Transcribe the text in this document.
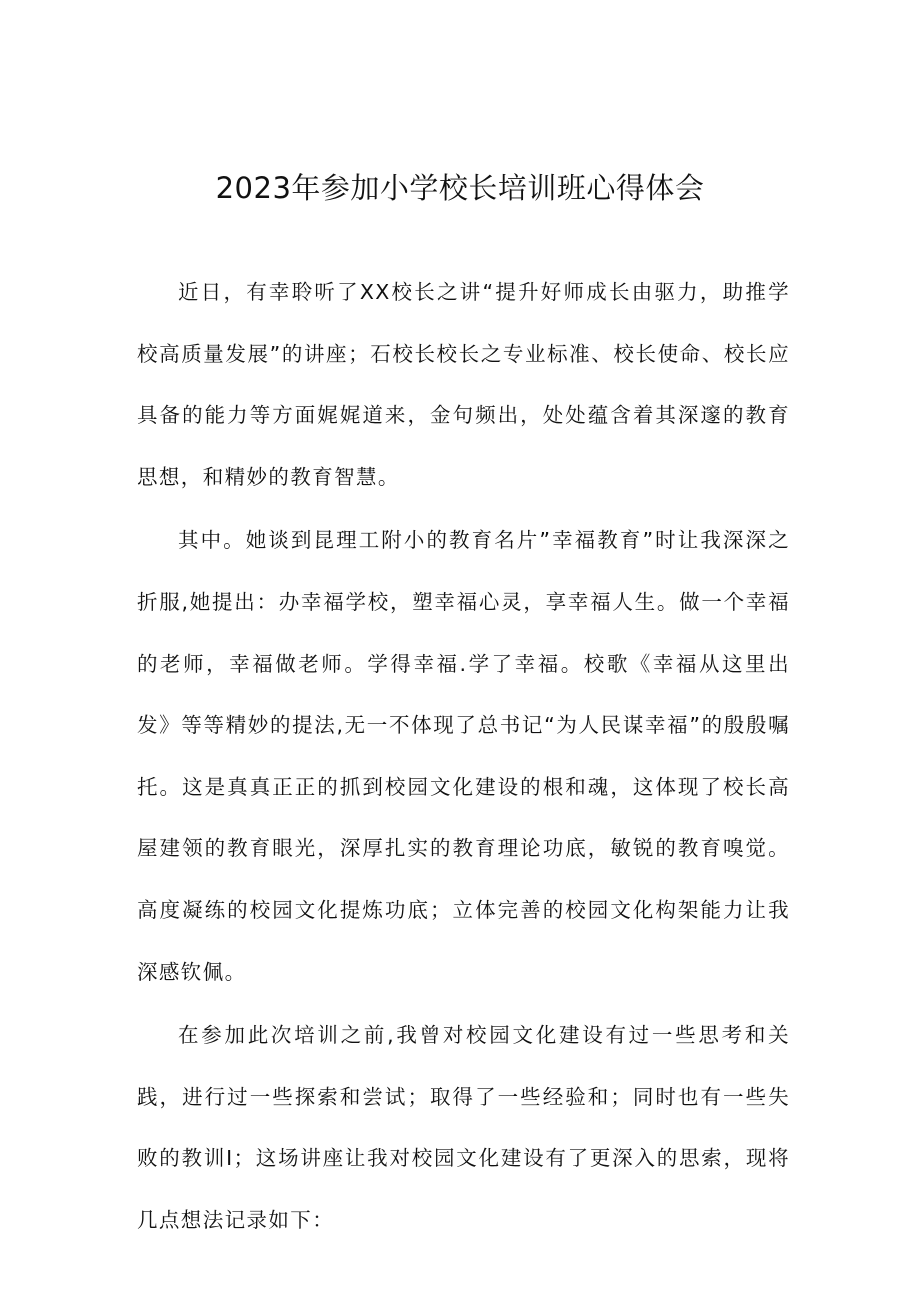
2023年参加小学校长培训班心得体会

近日，有幸聆听了XX校长之讲“提升好师成长由驱力，助推学校高质量发展”的讲座；石校长校长之专业标准、校长使命、校长应具备的能力等方面娓娓道来，金句频出，处处蕴含着其深邃的教育思想，和精妙的教育智慧。

其中。她谈到昆理工附小的教育名片”幸福教育”时让我深深之折服,她提出：办幸福学校，塑幸福心灵，享幸福人生。做一个幸福的老师，幸福做老师。学得幸福.学了幸福。校歌《幸福从这里出发》等等精妙的提法,无一不体现了总书记“为人民谋幸福”的殷殷嘱托。这是真真正正的抓到校园文化建设的根和魂，这体现了校长高屋建领的教育眼光，深厚扎实的教育理论功底，敏锐的教育嗅觉。高度凝练的校园文化提炼功底；立体完善的校园文化构架能力让我深感钦佩。

在参加此次培训之前,我曾对校园文化建设有过一些思考和关践，进行过一些探索和尝试；取得了一些经验和；同时也有一些失败的教训I；这场讲座让我对校园文化建设有了更深入的思索，现将几点想法记录如下：
